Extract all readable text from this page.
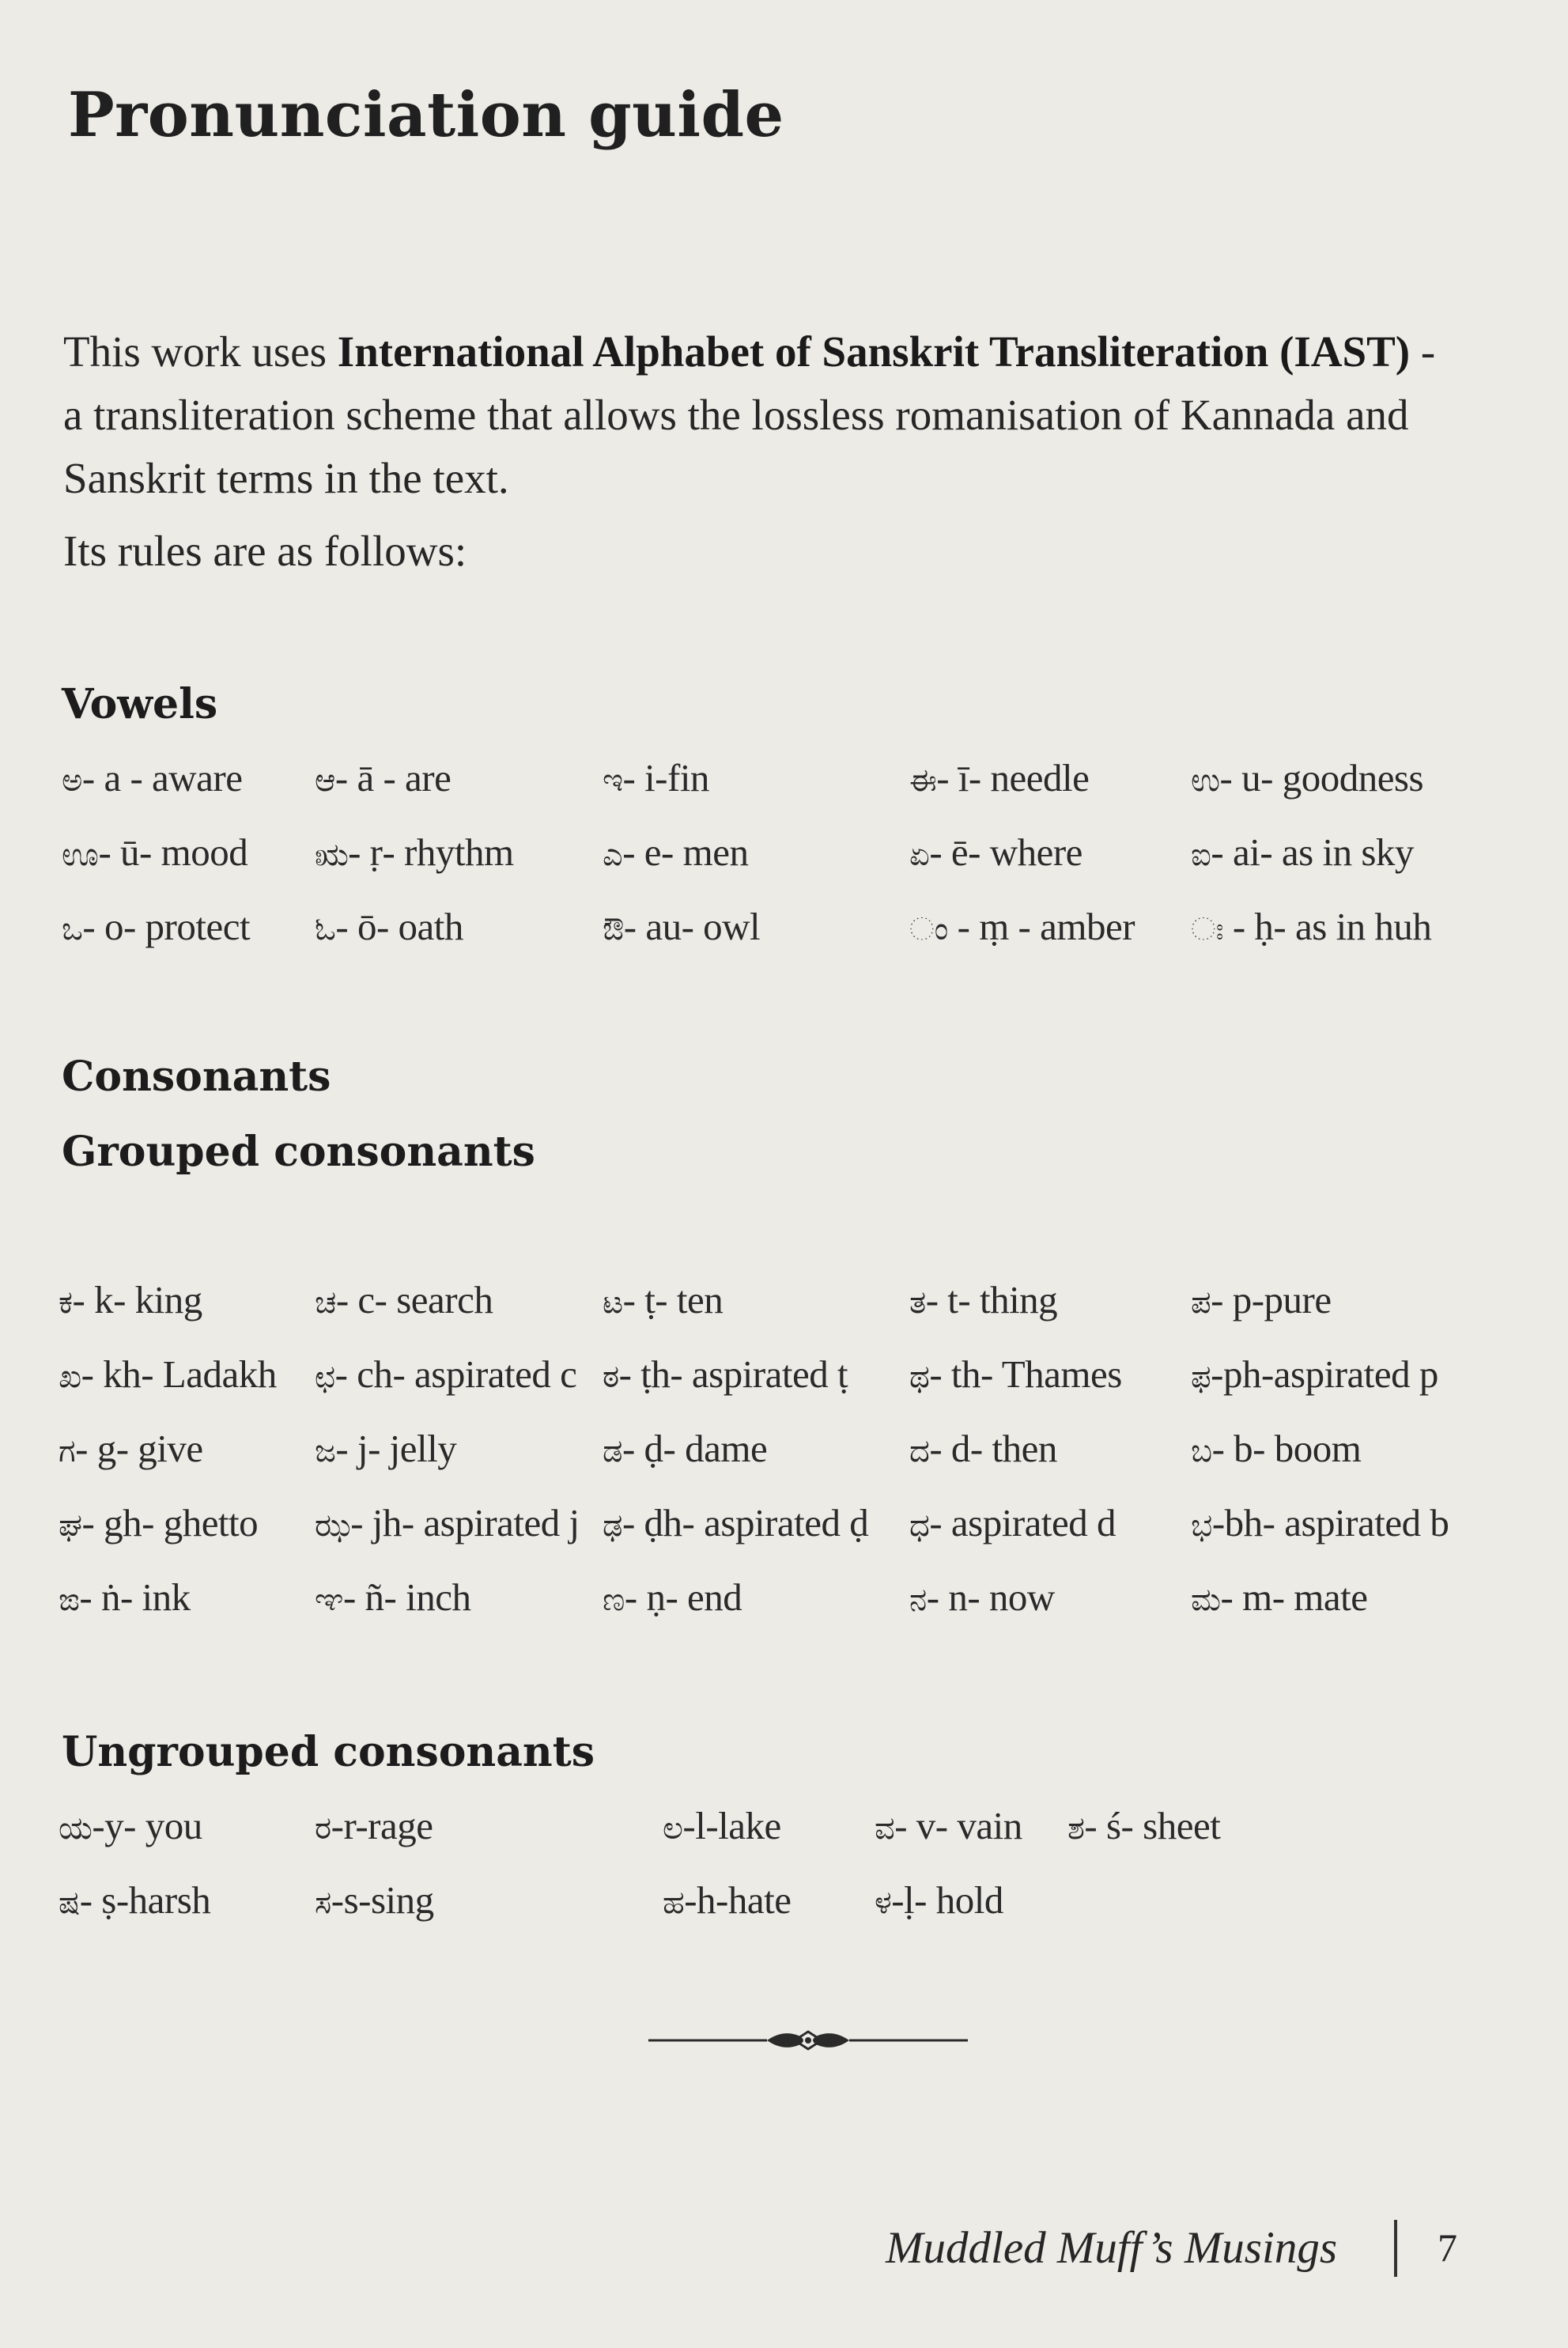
Pronunciation guide
This work uses International Alphabet of Sanskrit Transliteration (IAST) - a transliteration scheme that allows the lossless romanisation of Kannada and Sanskrit terms in the text.
Its rules are as follows:
Vowels
ಅ- a - aware ಆ- ā - are	ಇ- i-fin	ಈ- ī- needle	ಉ- u- goodness
ಊ- ū- mood ಋ- ṛ- rhythm	ಎ- e- men	ಏ- ē- where	ಐ- ai- as in sky
ಒ- o- protect ಓ- ō- oath	ಔ- au- owl	ಂ - ṃ - amber ಃ - ḥ- as in huh
Consonants
Grouped consonants
ಕ- k- king	ಚ- c- search	ಟ- ṭ- ten	ತ- t- thing	ಪ- p-pure
ಖ- kh- Ladakh ಛ- ch- aspirated c ಠ- ṭh- aspirated ṭ ಥ- th- Thames ಫ-ph-aspirated p
ಗ- g- give	ಜ- j- jelly	ಡ- ḍ- dame	ದ- d- then	ಬ- b- boom
ಘ- gh- ghetto ಝ- jh- aspirated j ಢ- ḍh- aspirated ḍ ಧ- aspirated d ಭ-bh- aspirated b
ಙ- ṅ- ink	ಞ- ñ- inch	ಣ- ṇ- end	ನ- n- now	ಮ- m- mate
Ungrouped consonants
ಯ-y- you	ರ-r-rage	ಲ-l-lake	ವ- v- vain ಶ- ś- sheet
ಷ- ṣ-harsh	ಸ-s-sing	ಹ-h-hate	ಳ-ḷ- hold
Muddled Muff’s Musings	7
